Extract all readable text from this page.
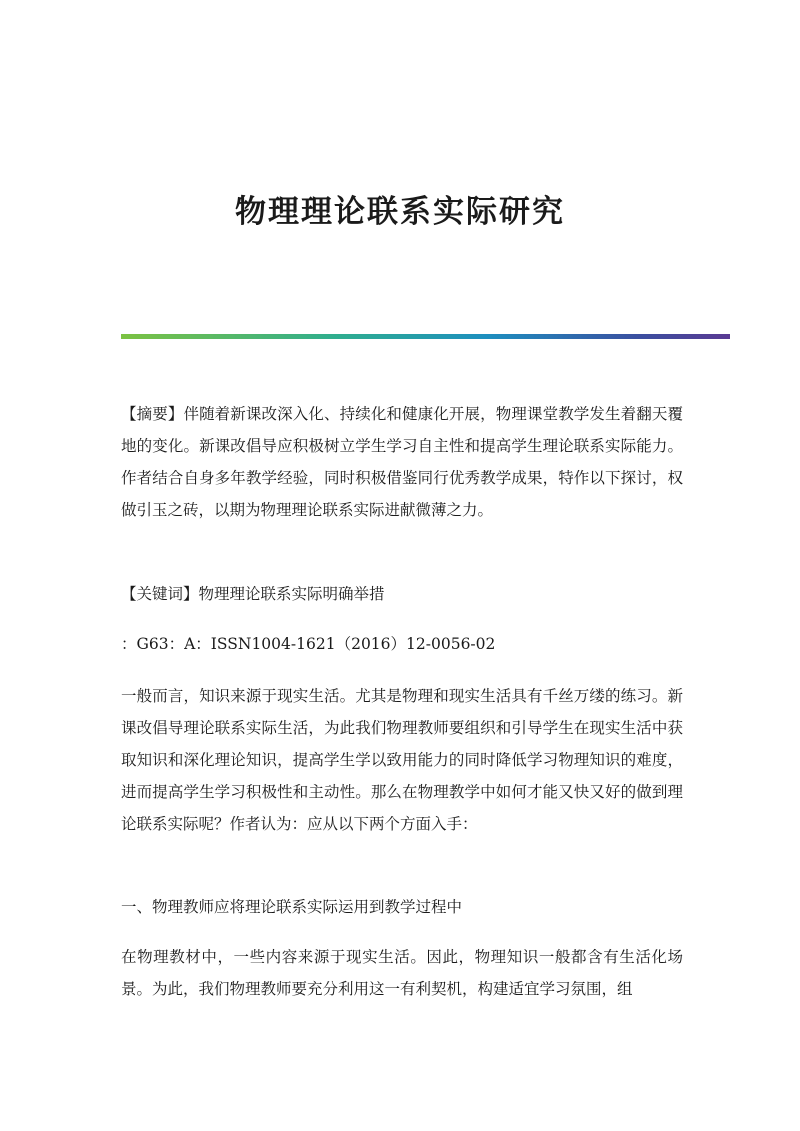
物理理论联系实际研究

【摘要】伴随着新课改深入化、持续化和健康化开展，物理课堂教学发生着翻天覆地的变化。新课改倡导应积极树立学生学习自主性和提高学生理论联系实际能力。作者结合自身多年教学经验，同时积极借鉴同行优秀教学成果，特作以下探讨，权做引玉之砖，以期为物理理论联系实际进献微薄之力。

【关键词】物理理论联系实际明确举措

：G63：A：ISSN1004-1621（2016）12-0056-02

一般而言，知识来源于现实生活。尤其是物理和现实生活具有千丝万缕的练习。新课改倡导理论联系实际生活，为此我们物理教师要组织和引导学生在现实生活中获取知识和深化理论知识，提高学生学以致用能力的同时降低学习物理知识的难度，进而提高学生学习积极性和主动性。那么在物理教学中如何才能又快又好的做到理论联系实际呢？作者认为：应从以下两个方面入手：

一、物理教师应将理论联系实际运用到教学过程中

在物理教材中，一些内容来源于现实生活。因此，物理知识一般都含有生活化场景。为此，我们物理教师要充分利用这一有利契机，构建适宜学习氛围，组
